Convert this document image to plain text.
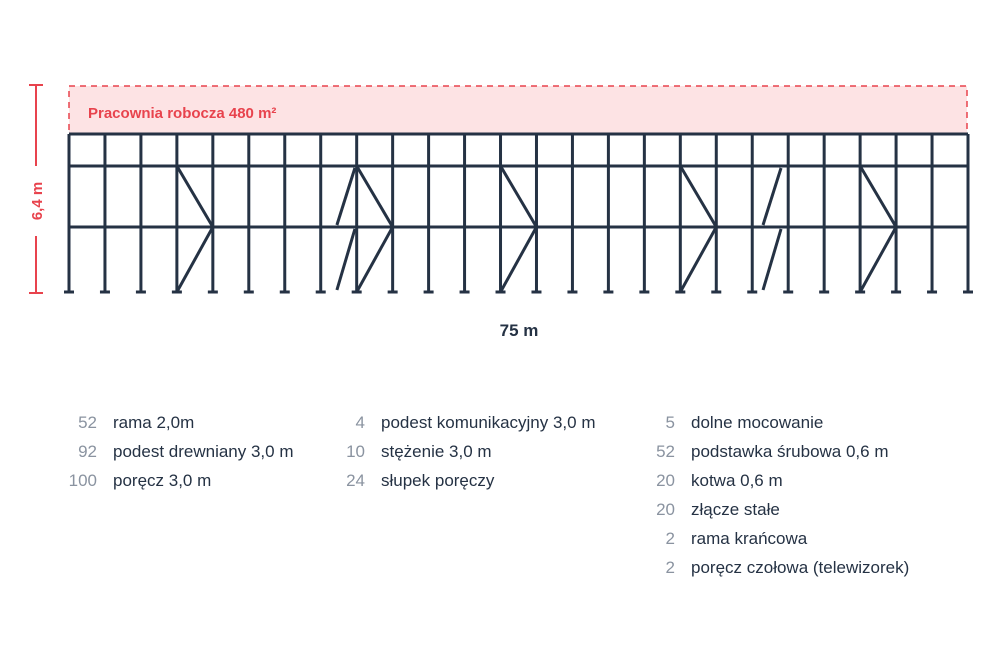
Pracownia robocza 480 m²
6,4 m
75 m
52 rama 2,0m
92 podest drewniany 3,0 m
100 poręcz 3,0 m
4 podest komunikacyjny 3,0 m
10 stężenie 3,0 m
24 słupek poręczy
5 dolne mocowanie
52 podstawka śrubowa 0,6 m
20 kotwa 0,6 m
20 złącze stałe
2 rama krańcowa
2 poręcz czołowa (telewizorek)
